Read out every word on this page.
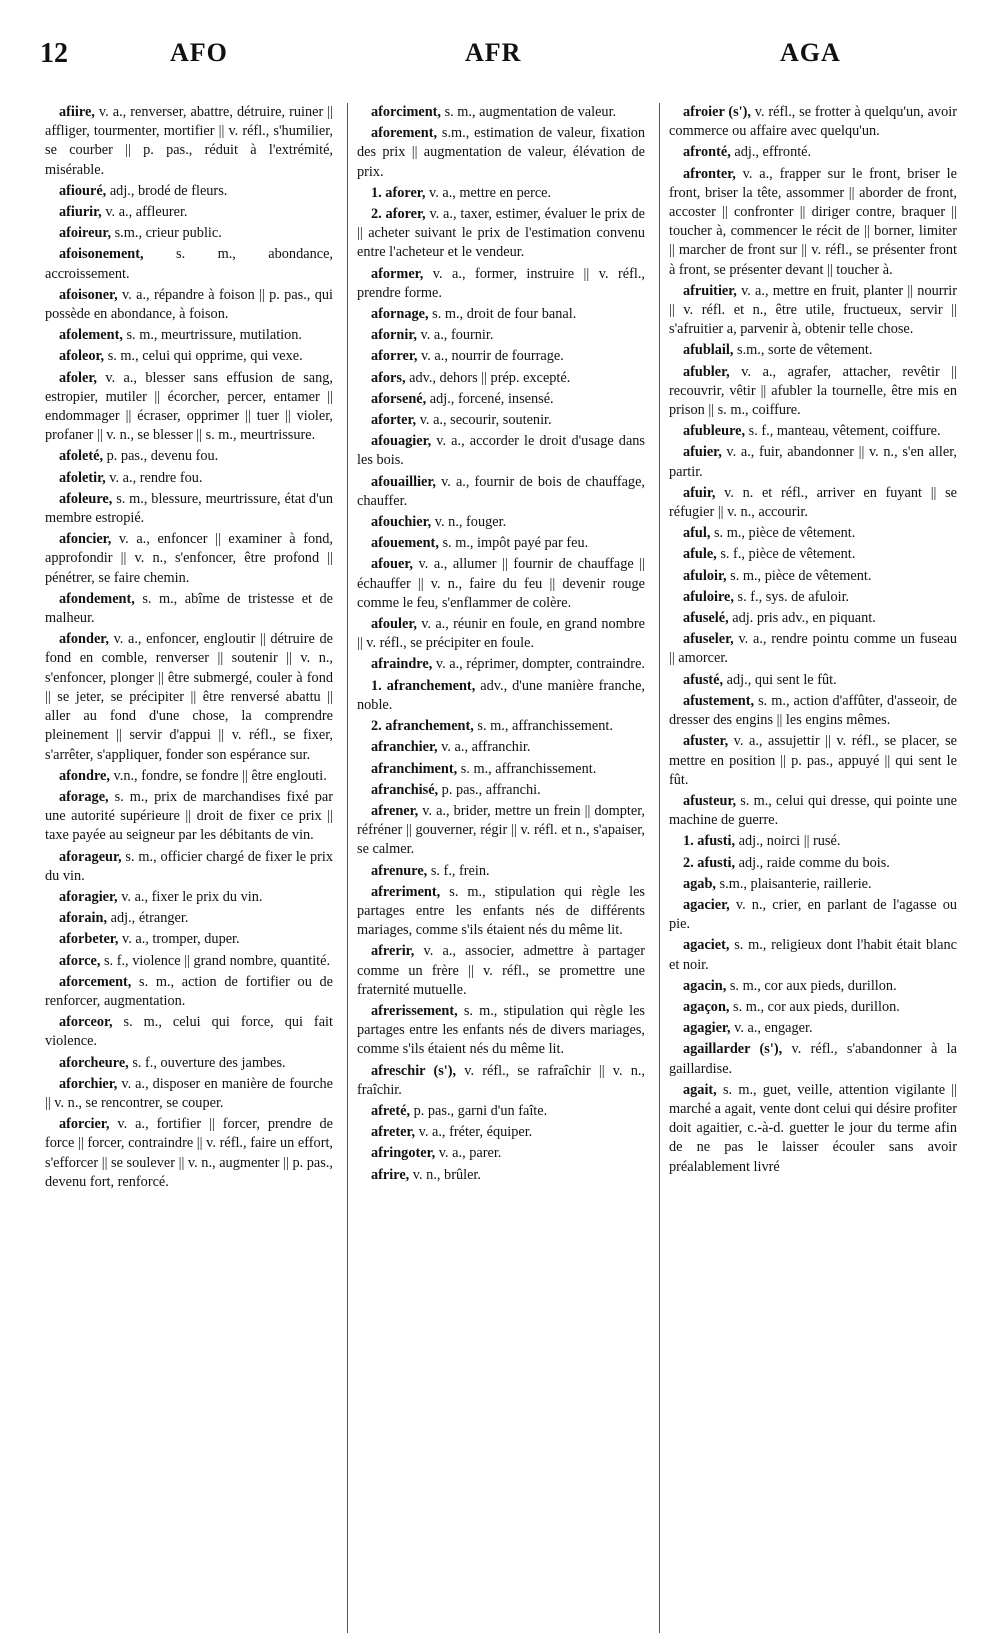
12	AFO	AFR	AGA
afiire, v. a., renverser, abattre, détruire, ruiner || affliger, tourmenter, mortifier || v. réfl., s'humilier, se courber || p. pas., réduit à l'extrémité, misérable.
afiouré, adj., brodé de fleurs.
afiurir, v. a., affleurer.
afoireur, s.m., crieur public.
afoisonement, s. m., abondance, accroissement.
afoisoner, v. a., répandre à foison || p. pas., qui possède en abondance, à foison.
afolement, s. m., meurtrissure, mutilation.
afoleor, s. m., celui qui opprime, qui vexe.
afoler, v. a., blesser sans effusion de sang, estropier, mutiler || écorcher, percer, entamer || endommager || écraser, opprimer || tuer || violer, profaner || v. n., se blesser || s. m., meurtrissure.
afoleté, p. pas., devenu fou.
afoletir, v. a., rendre fou.
afoleure, s. m., blessure, meurtrissure, état d'un membre estropié.
afoncier, v. a., enfoncer || examiner à fond, approfondir || v. n., s'enfoncer, être profond || pénétrer, se faire chemin.
afondement, s. m., abîme de tristesse et de malheur.
afonder, v. a., enfoncer, engloutir || détruire de fond en comble, renverser || soutenir || v. n., s'enfoncer, plonger || être submergé, couler à fond || se jeter, se précipiter || être renversé abattu || aller au fond d'une chose, la comprendre pleinement || servir d'appui || v. réfl., se fixer, s'arrêter, s'appliquer, fonder son espérance sur.
afondre, v.n., fondre, se fondre || être englouti.
aforage, s. m., prix de marchandises fixé par une autorité supérieure || droit de fixer ce prix || taxe payée au seigneur par les débitants de vin.
aforageur, s. m., officier chargé de fixer le prix du vin.
aforagier, v. a., fixer le prix du vin.
aforain, adj., étranger.
aforbeter, v. a., tromper, duper.
aforce, s. f., violence || grand nombre, quantité.
aforcement, s. m., action de fortifier ou de renforcer, augmentation.
aforceor, s. m., celui qui force, qui fait violence.
aforcheure, s. f., ouverture des jambes.
aforchier, v. a., disposer en manière de fourche || v. n., se rencontrer, se couper.
aforcier, v. a., fortifier || forcer, prendre de force || forcer, contraindre || v. réfl., faire un effort, s'efforcer || se soulever || v. n., augmenter || p. pas., devenu fort, renforcé.
aforciment, s. m., augmentation de valeur.
aforement, s.m., estimation de valeur, fixation des prix || augmentation de valeur, élévation de prix.
1. aforer, v. a., mettre en perce.
2. aforer, v. a., taxer, estimer, évaluer le prix de || acheter suivant le prix de l'estimation convenu entre l'acheteur et le vendeur.
aformer, v. a., former, instruire || v. réfl., prendre forme.
afornage, s. m., droit de four banal.
afornir, v. a., fournir.
aforrer, v. a., nourrir de fourrage.
afors, adv., dehors || prép. excepté.
aforsené, adj., forcené, insensé.
aforter, v. a., secourir, soutenir.
afouagier, v. a., accorder le droit d'usage dans les bois.
afouaillier, v. a., fournir de bois de chauffage, chauffer.
afouchier, v. n., fouger.
afouement, s. m., impôt payé par feu.
afouer, v. a., allumer || fournir de chauffage || échauffer || v. n., faire du feu || devenir rouge comme le feu, s'enflammer de colère.
afouler, v. a., réunir en foule, en grand nombre || v. réfl., se précipiter en foule.
afraindre, v. a., réprimer, dompter, contraindre.
1. afranchement, adv., d'une manière franche, noble.
2. afranchement, s. m., affranchissement.
afranchier, v. a., affranchir.
afranchiment, s. m., affranchissement.
afranchisé, p. pas., affranchi.
afrener, v. a., brider, mettre un frein || dompter, réfréner || gouverner, régir || v. réfl. et n., s'apaiser, se calmer.
afrenure, s. f., frein.
afreriment, s. m., stipulation qui règle les partages entre les enfants nés de différents mariages, comme s'ils étaient nés du même lit.
afrerir, v. a., associer, admettre à partager comme un frère || v. réfl., se promettre une fraternité mutuelle.
afrerissement, s. m., stipulation qui règle les partages entre les enfants nés de divers mariages, comme s'ils étaient nés du même lit.
afreschir (s'), v. réfl., se rafraîchir || v. n., fraîchir.
afreté, p. pas., garni d'un faîte.
afreter, v. a., fréter, équiper.
afringoter, v. a., parer.
afrire, v. n., brûler.
afroier (s'), v. réfl., se frotter à quelqu'un, avoir commerce ou affaire avec quelqu'un.
afronté, adj., effronté.
afronter, v. a., frapper sur le front, briser le front, briser la tête, assommer || aborder de front, accoster || confronter || diriger contre, braquer || toucher à, commencer le récit de || borner, limiter || marcher de front sur || v. réfl., se présenter front à front, se présenter devant || toucher à.
afruitier, v. a., mettre en fruit, planter || nourrir || v. réfl. et n., être utile, fructueux, servir || s'afruitier a, parvenir à, obtenir telle chose.
afublail, s.m., sorte de vêtement.
afubler, v. a., agrafer, attacher, revêtir || recouvrir, vêtir || afubler la tournelle, être mis en prison || s. m., coiffure.
afubleure, s. f., manteau, vêtement, coiffure.
afuier, v. a., fuir, abandonner || v. n., s'en aller, partir.
afuir, v. n. et réfl., arriver en fuyant || se réfugier || v. n., accourir.
aful, s. m., pièce de vêtement.
afule, s. f., pièce de vêtement.
afuloir, s. m., pièce de vêtement.
afuloire, s. f., sys. de afuloir.
afuselé, adj. pris adv., en piquant.
afuseler, v. a., rendre pointu comme un fuseau || amorcer.
afusté, adj., qui sent le fût.
afustement, s. m., action d'affûter, d'asseoir, de dresser des engins || les engins mêmes.
afuster, v. a., assujettir || v. réfl., se placer, se mettre en position || p. pas., appuyé || qui sent le fût.
afusteur, s. m., celui qui dresse, qui pointe une machine de guerre.
1. afusti, adj., noirci || rusé.
2. afusti, adj., raide comme du bois.
agab, s.m., plaisanterie, raillerie.
agacier, v. n., crier, en parlant de l'agasse ou pie.
agaciet, s. m., religieux dont l'habit était blanc et noir.
agacin, s. m., cor aux pieds, durillon.
agaçon, s. m., cor aux pieds, durillon.
agagier, v. a., engager.
agaillarder (s'), v. réfl., s'abandonner à la gaillardise.
agait, s. m., guet, veille, attention vigilante || marché a agait, vente dont celui qui désire profiter doit agaitier, c.-à-d. guetter le jour du terme afin de ne pas le laisser écouler sans avoir préalablement livré
